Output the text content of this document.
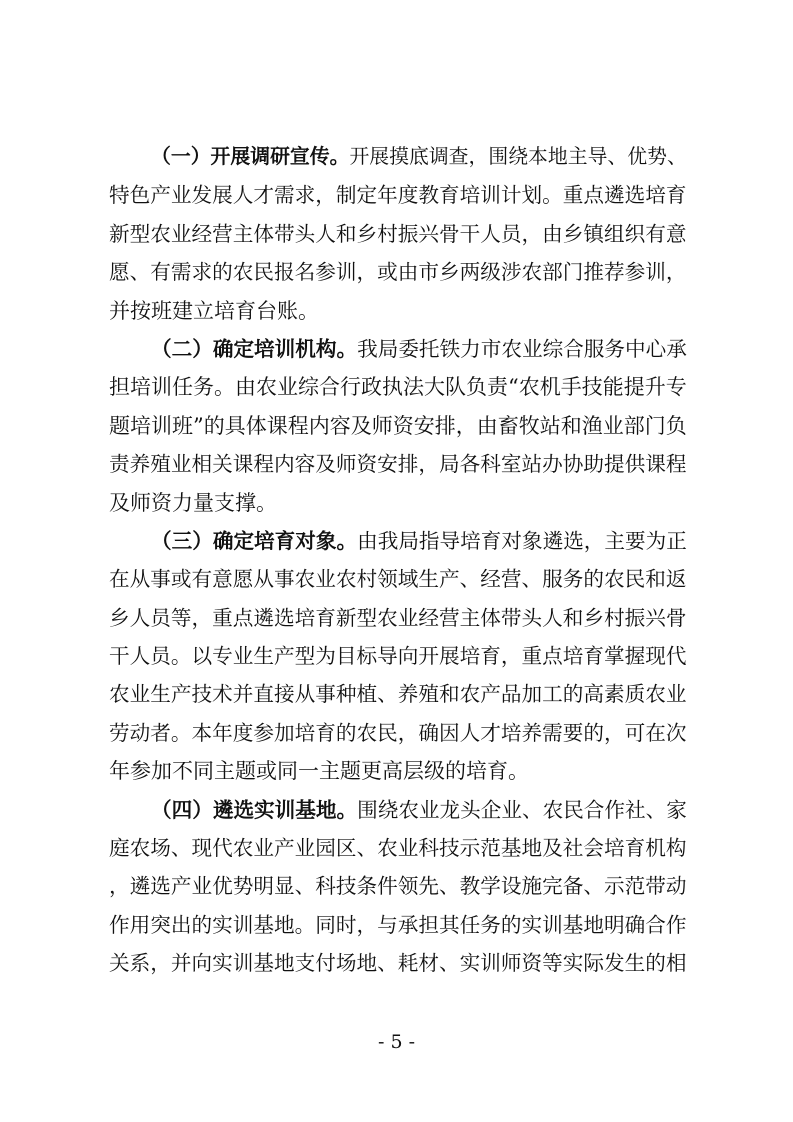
（一）开展调研宣传。开展摸底调查，围绕本地主导、优势、
特色产业发展人才需求，制定年度教育培训计划。重点遴选培育
新型农业经营主体带头人和乡村振兴骨干人员，由乡镇组织有意
愿、有需求的农民报名参训，或由市乡两级涉农部门推荐参训，
并按班建立培育台账。
（二）确定培训机构。我局委托铁力市农业综合服务中心承
担培训任务。由农业综合行政执法大队负责“农机手技能提升专
题培训班”的具体课程内容及师资安排，由畜牧站和渔业部门负
责养殖业相关课程内容及师资安排，局各科室站办协助提供课程
及师资力量支撑。
（三）确定培育对象。由我局指导培育对象遴选，主要为正
在从事或有意愿从事农业农村领域生产、经营、服务的农民和返
乡人员等，重点遴选培育新型农业经营主体带头人和乡村振兴骨
干人员。以专业生产型为目标导向开展培育，重点培育掌握现代
农业生产技术并直接从事种植、养殖和农产品加工的高素质农业
劳动者。本年度参加培育的农民，确因人才培养需要的，可在次
年参加不同主题或同一主题更高层级的培育。
（四）遴选实训基地。围绕农业龙头企业、农民合作社、家
庭农场、现代农业产业园区、农业科技示范基地及社会培育机构
，遴选产业优势明显、科技条件领先、教学设施完备、示范带动
作用突出的实训基地。同时，与承担其任务的实训基地明确合作
关系，并向实训基地支付场地、耗材、实训师资等实际发生的相
- 5 -
